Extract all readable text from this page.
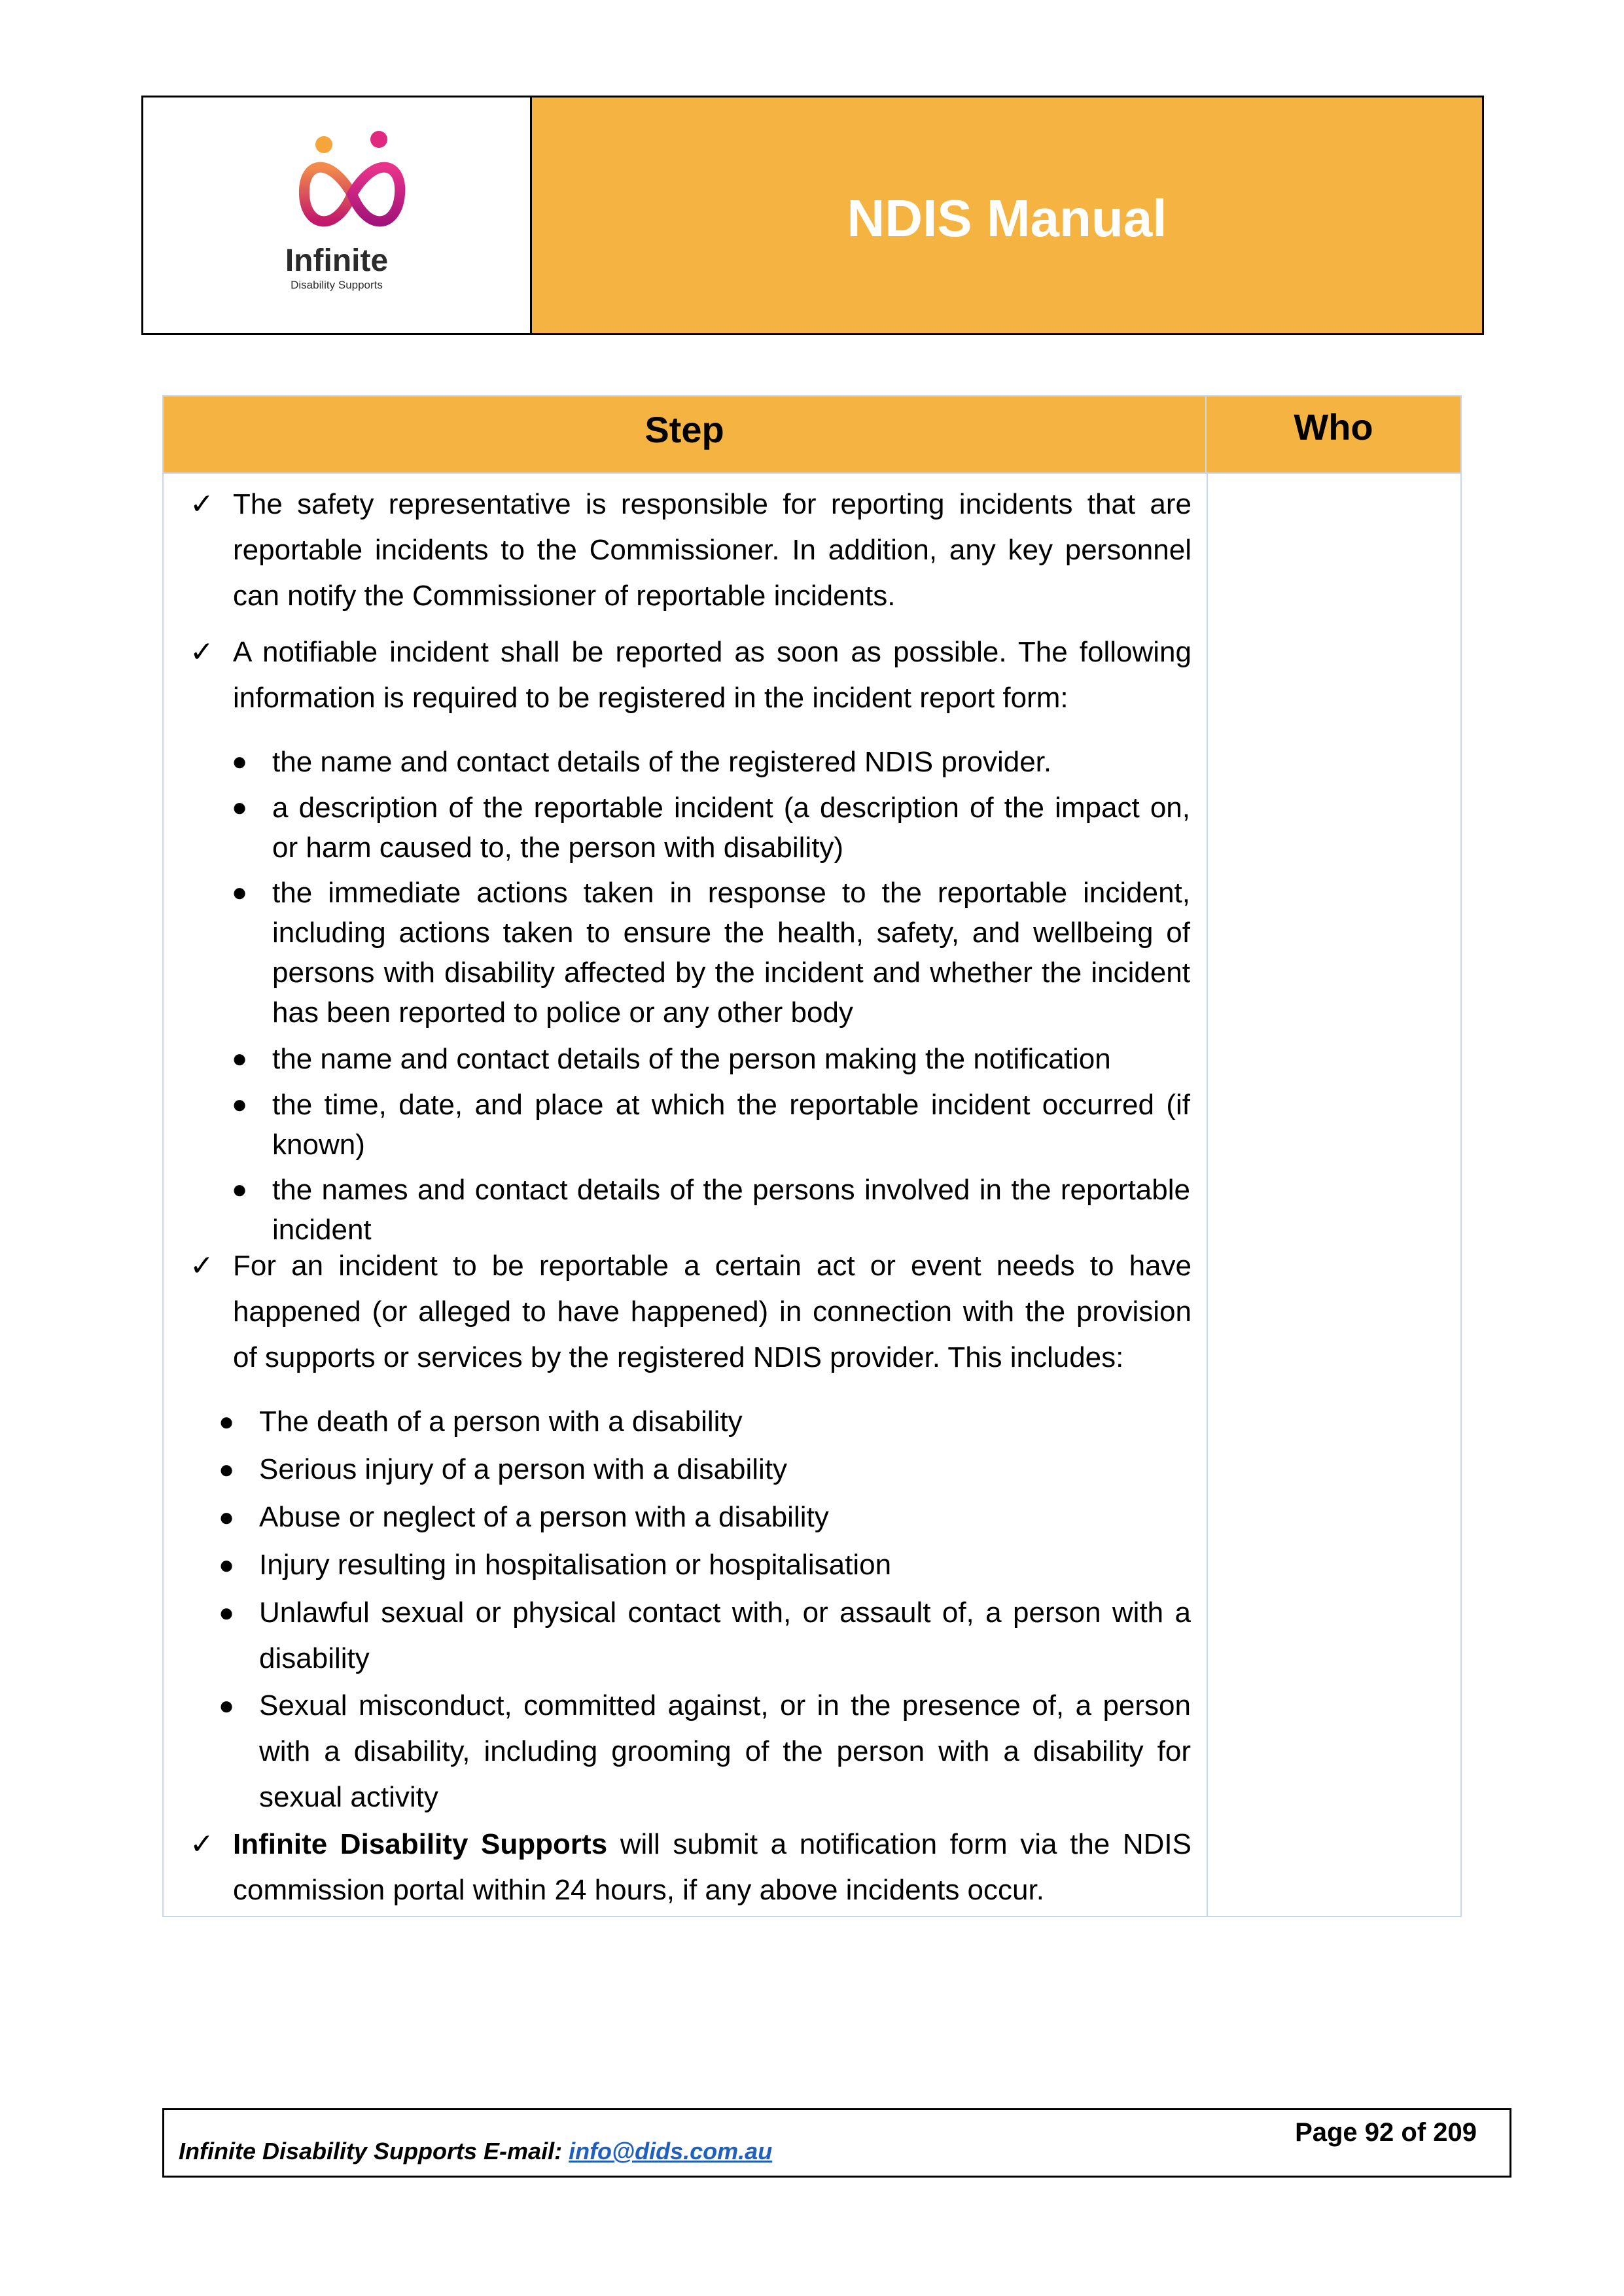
Infinite
Disability Supports
NDIS Manual
Step	Who
✓ The safety representative is responsible for reporting incidents that are reportable incidents to the Commissioner. In addition, any key personnel can notify the Commissioner of reportable incidents.
✓ A notifiable incident shall be reported as soon as possible. The following information is required to be registered in the incident report form:
● the name and contact details of the registered NDIS provider.
● a description of the reportable incident (a description of the impact on, or harm caused to, the person with disability)
● the immediate actions taken in response to the reportable incident, including actions taken to ensure the health, safety, and wellbeing of persons with disability affected by the incident and whether the incident has been reported to police or any other body
● the name and contact details of the person making the notification
● the time, date, and place at which the reportable incident occurred (if known)
● the names and contact details of the persons involved in the reportable incident
✓ For an incident to be reportable a certain act or event needs to have happened (or alleged to have happened) in connection with the provision of supports or services by the registered NDIS provider. This includes:
● The death of a person with a disability
● Serious injury of a person with a disability
● Abuse or neglect of a person with a disability
● Injury resulting in hospitalisation or hospitalisation
● Unlawful sexual or physical contact with, or assault of, a person with a disability
● Sexual misconduct, committed against, or in the presence of, a person with a disability, including grooming of the person with a disability for sexual activity
✓ Infinite Disability Supports will submit a notification form via the NDIS commission portal within 24 hours, if any above incidents occur.
Infinite Disability Supports E-mail: info@dids.com.au
Page 92 of 209
